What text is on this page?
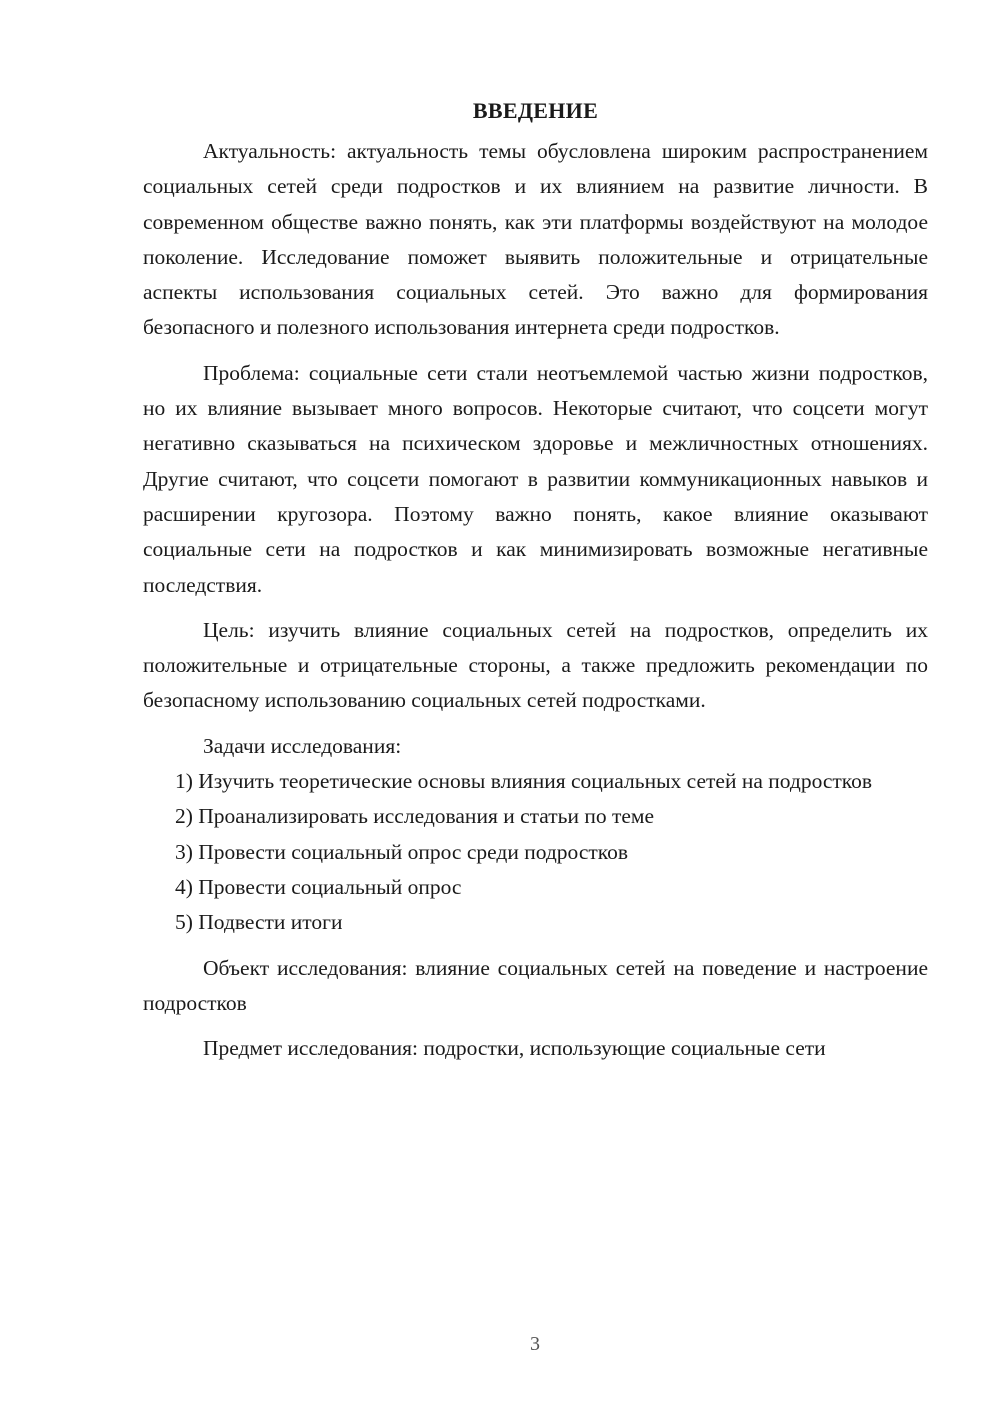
ВВЕДЕНИЕ

Актуальность: актуальность темы обусловлена широким распространением социальных сетей среди подростков и их влиянием на развитие личности. В современном обществе важно понять, как эти платформы воздействуют на молодое поколение. Исследование поможет выявить положительные и отрицательные аспекты использования социальных сетей. Это важно для формирования безопасного и полезного использования интернета среди подростков.

Проблема: социальные сети стали неотъемлемой частью жизни подростков, но их влияние вызывает много вопросов. Некоторые считают, что соцсети могут негативно сказываться на психическом здоровье и межличностных отношениях. Другие считают, что соцсети помогают в развитии коммуникационных навыков и расширении кругозора. Поэтому важно понять, какое влияние оказывают социальные сети на подростков и как минимизировать возможные негативные последствия.

Цель: изучить влияние социальных сетей на подростков, определить их положительные и отрицательные стороны, а также предложить рекомендации по безопасному использованию социальных сетей подростками.

Задачи исследования:

1) Изучить теоретические основы влияния социальных сетей на подростков

2) Проанализировать исследования и статьи по теме

3) Провести социальный опрос среди подростков

4) Провести социальный опрос

5) Подвести итоги

Объект исследования: влияние социальных сетей на поведение и настроение подростков

Предмет исследования: подростки, использующие социальные сети

3
